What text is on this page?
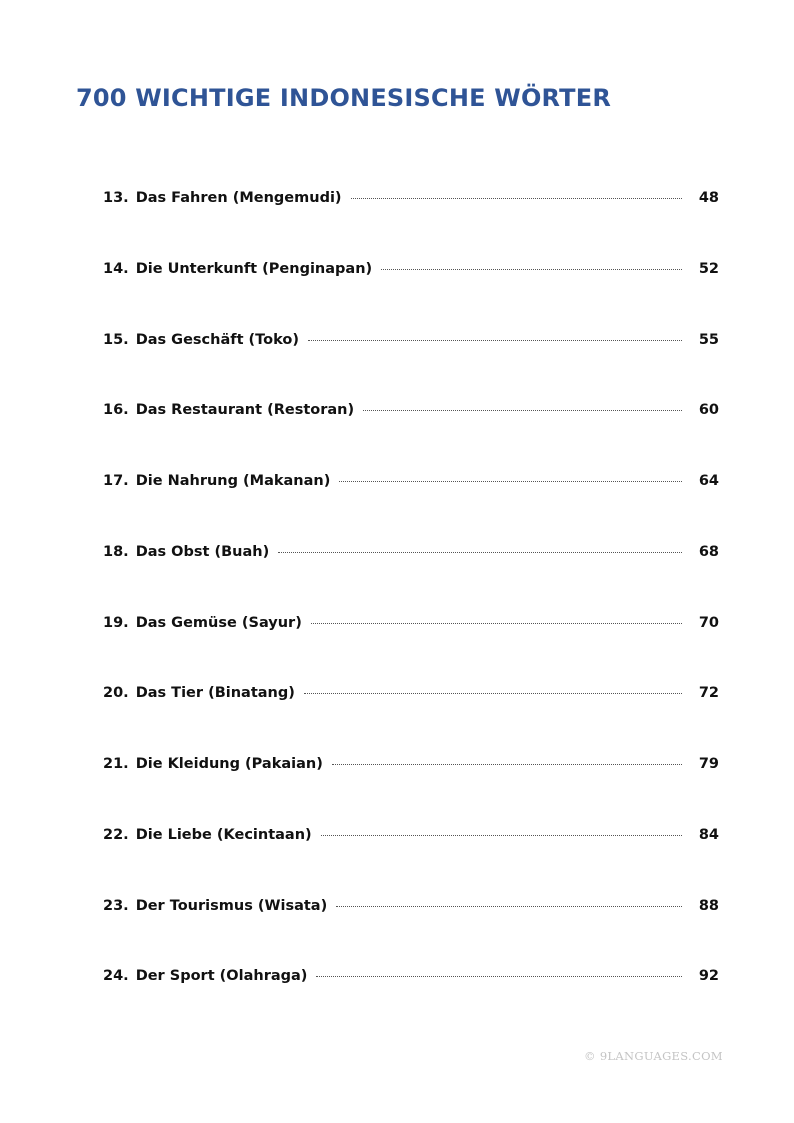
700 WICHTIGE INDONESISCHE WÖRTER
13. Das Fahren (Mengemudi)	48
14. Die Unterkunft (Penginapan)	52
15. Das Geschäft (Toko)	55
16. Das Restaurant (Restoran)	60
17. Die Nahrung (Makanan)	64
18. Das Obst (Buah)	68
19. Das Gemüse (Sayur)	70
20. Das Tier (Binatang)	72
21. Die Kleidung (Pakaian)	79
22. Die Liebe (Kecintaan)	84
23. Der Tourismus (Wisata)	88
24. Der Sport (Olahraga)	92
© 9LANGUAGES.COM
